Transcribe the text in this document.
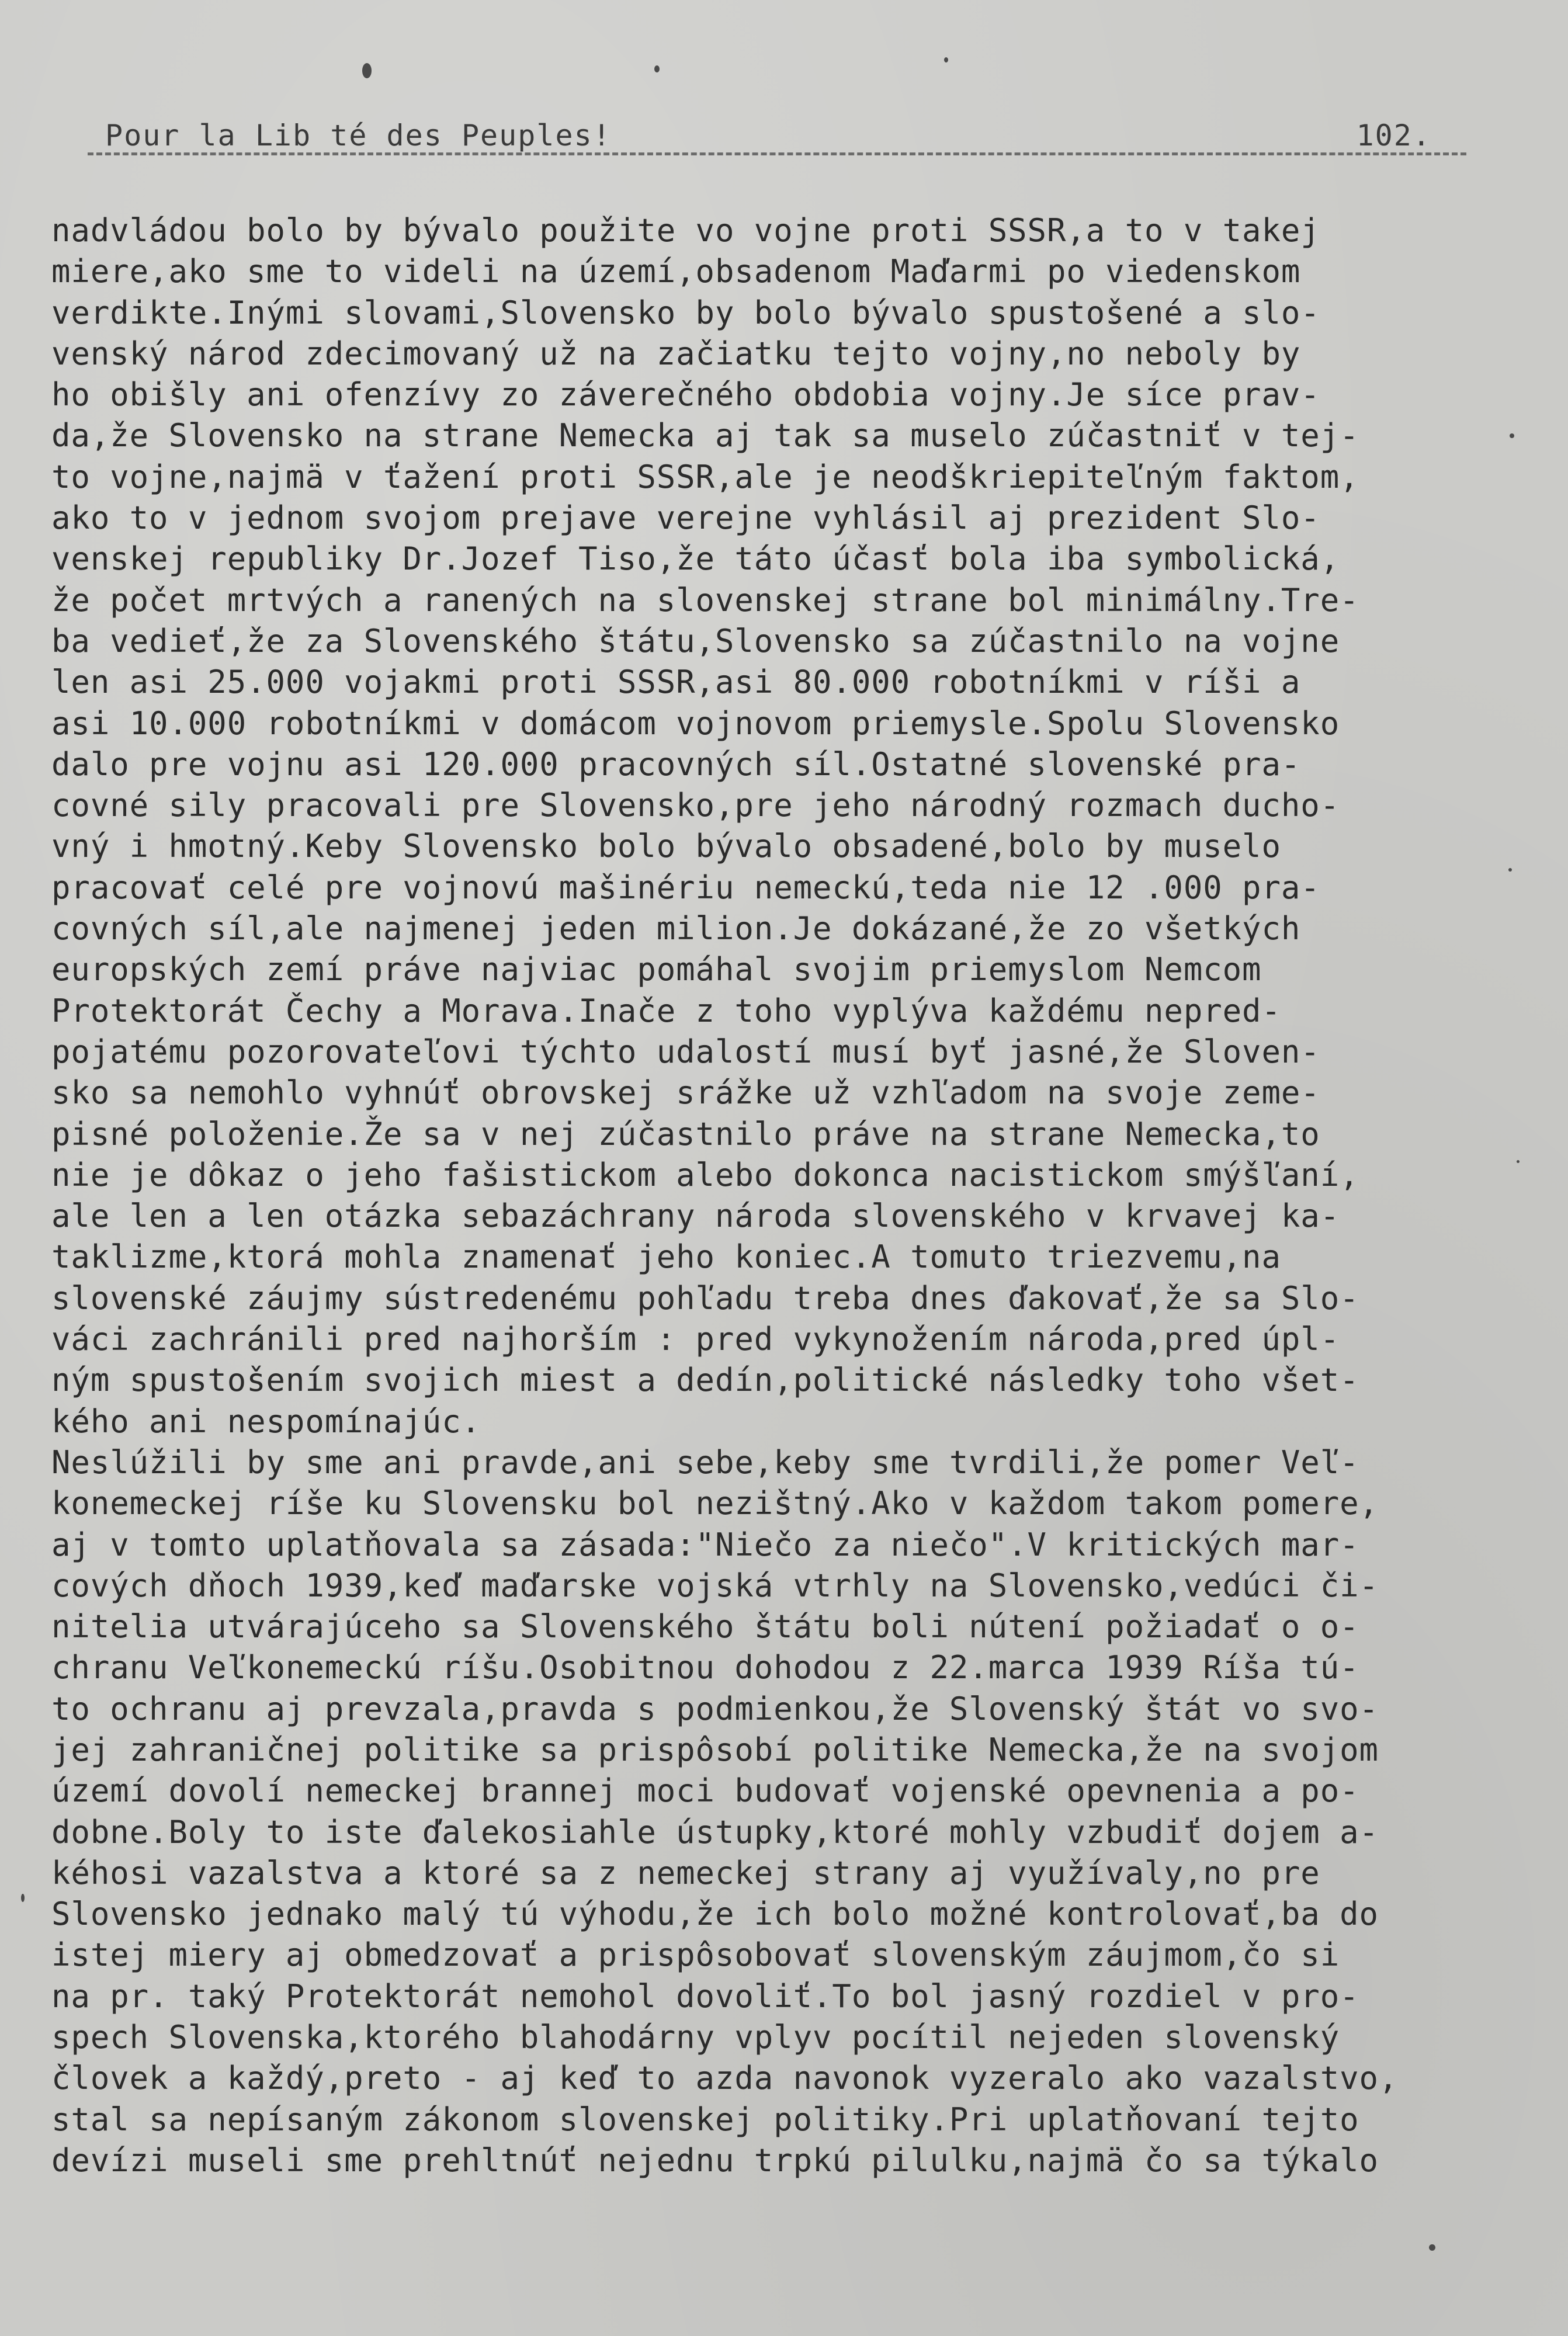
Pour la Lib té des Peuples!	102.
nadvládou bolo by bývalo použite vo vojne proti SSSR,a to v takej
miere,ako sme to videli na území,obsadenom Maďarmi po viedenskom
verdikte.Inými slovami,Slovensko by bolo bývalo spustošené a slo-
venský národ zdecimovaný už na začiatku tejto vojny,no neboly by
ho obišly ani ofenzívy zo záverečného obdobia vojny.Je síce prav-
da,že Slovensko na strane Nemecka aj tak sa muselo zúčastniť v tej-
to vojne,najmä v ťažení proti SSSR,ale je neodškriepiteľným faktom,
ako to v jednom svojom prejave verejne vyhlásil aj prezident Slo-
venskej republiky Dr.Jozef Tiso,že táto účasť bola iba symbolická,
že počet mrtvých a ranených na slovenskej strane bol minimálny.Tre-
ba vedieť,že za Slovenského štátu,Slovensko sa zúčastnilo na vojne
len asi 25.000 vojakmi proti SSSR,asi 80.000 robotníkmi v ríši a
asi 10.000 robotníkmi v domácom vojnovom priemysle.Spolu Slovensko
dalo pre vojnu asi 120.000 pracovných síl.Ostatné slovenské pra-
covné sily pracovali pre Slovensko,pre jeho národný rozmach ducho-
vný i hmotný.Keby Slovensko bolo bývalo obsadené,bolo by muselo
pracovať celé pre vojnovú mašinériu nemeckú,teda nie 12 .000 pra-
covných síl,ale najmenej jeden milion.Je dokázané,že zo všetkých
europských zemí práve najviac pomáhal svojim priemyslom Nemcom
Protektorát Čechy a Morava.Inače z toho vyplýva každému nepred-
pojatému pozorovateľovi týchto udalostí musí byť jasné,že Sloven-
sko sa nemohlo vyhnúť obrovskej srážke už vzhľadom na svoje zeme-
pisné položenie.Že sa v nej zúčastnilo práve na strane Nemecka,to
nie je dôkaz o jeho fašistickom alebo dokonca nacistickom smýšľaní,
ale len a len otázka sebazáchrany národa slovenského v krvavej ka-
taklizme,ktorá mohla znamenať jeho koniec.A tomuto triezvemu,na
slovenské záujmy sústredenému pohľadu treba dnes ďakovať,že sa Slo-
váci zachránili pred najhorším : pred vykynožením národa,pred úpl-
ným spustošením svojich miest a dedín,politické následky toho všet-
kého ani nespomínajúc.
Neslúžili by sme ani pravde,ani sebe,keby sme tvrdili,že pomer Veľ-
konemeckej ríše ku Slovensku bol nezištný.Ako v každom takom pomere,
aj v tomto uplatňovala sa zásada:"Niečo za niečo".V kritických mar-
cových dňoch 1939,keď maďarske vojská vtrhly na Slovensko,vedúci či-
nitelia utvárajúceho sa Slovenského štátu boli nútení požiadať o o-
chranu Veľkonemeckú ríšu.Osobitnou dohodou z 22.marca 1939 Ríša tú-
to ochranu aj prevzala,pravda s podmienkou,že Slovenský štát vo svo-
jej zahraničnej politike sa prispôsobí politike Nemecka,že na svojom
území dovolí nemeckej brannej moci budovať vojenské opevnenia a po-
dobne.Boly to iste ďalekosiahle ústupky,ktoré mohly vzbudiť dojem a-
kéhosi vazalstva a ktoré sa z nemeckej strany aj využívaly,no pre
Slovensko jednako malý tú výhodu,že ich bolo možné kontrolovať,ba do
istej miery aj obmedzovať a prispôsobovať slovenským záujmom,čo si
na pr. taký Protektorát nemohol dovoliť.To bol jasný rozdiel v pro-
spech Slovenska,ktorého blahodárny vplyv pocítil nejeden slovenský
človek a každý,preto - aj keď to azda navonok vyzeralo ako vazalstvo,
stal sa nepísaným zákonom slovenskej politiky.Pri uplatňovaní tejto
devízi museli sme prehltnúť nejednu trpkú pilulku,najmä čo sa týkalo
